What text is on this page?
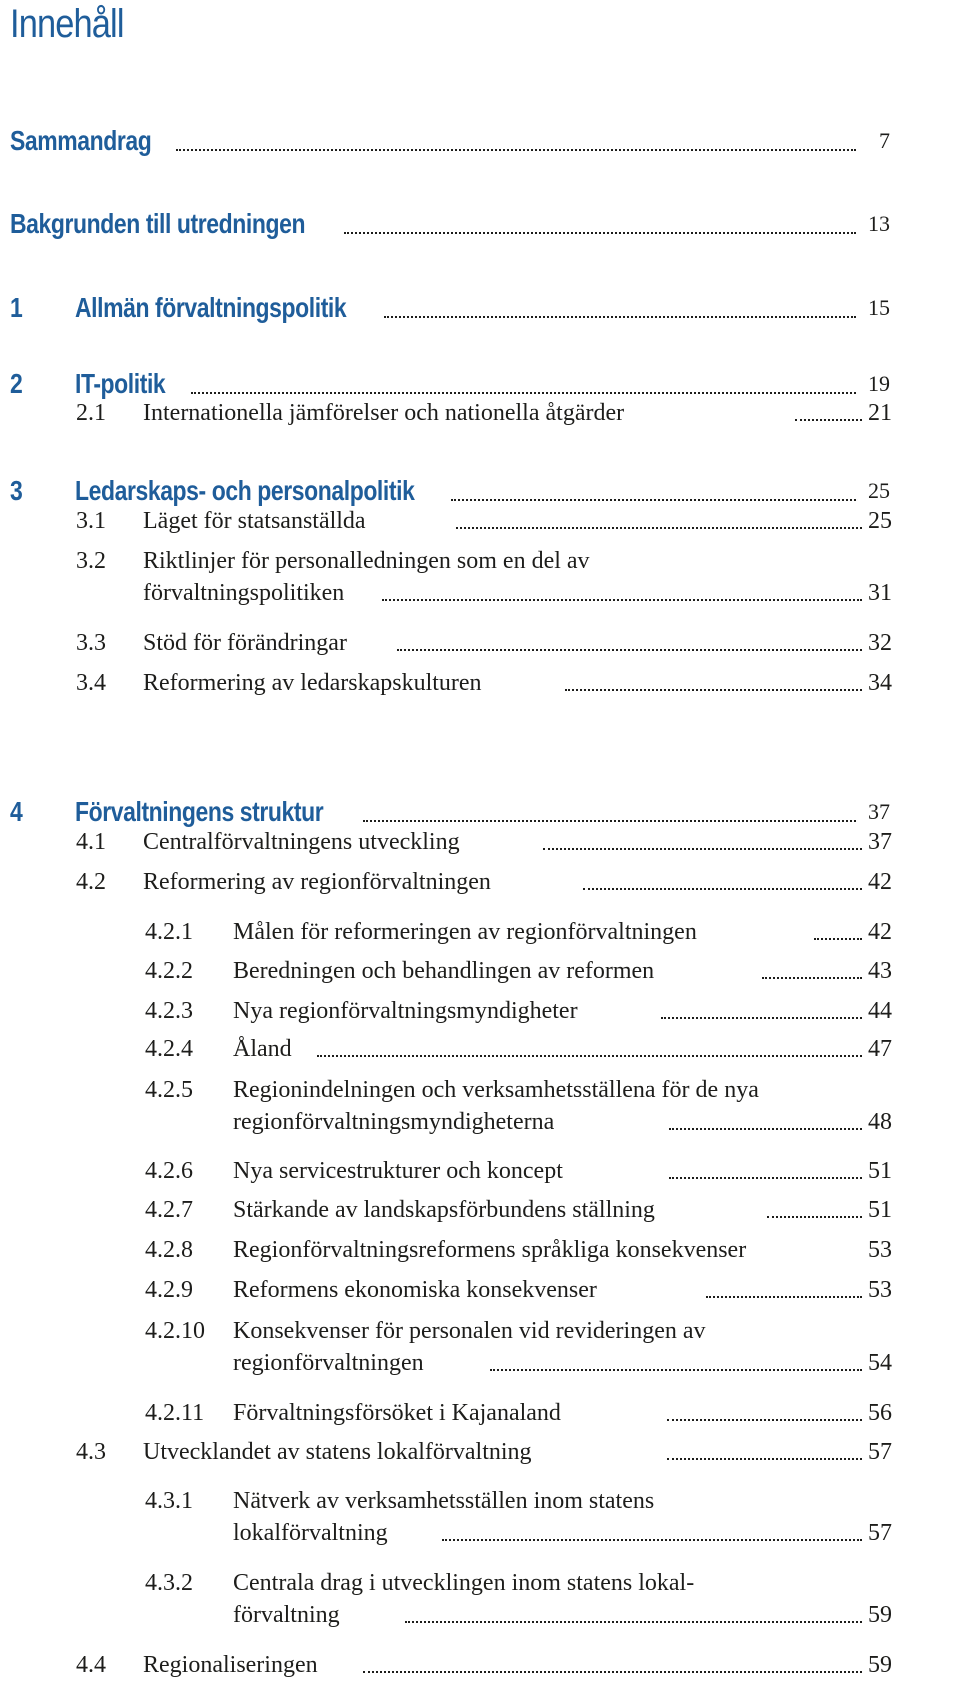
Innehåll
Sammandrag	7
Bakgrunden till utredningen	13
1 Allmän förvaltningspolitik	15
2 IT-politik	19
2.1 Internationella jämförelser och nationella åtgärder	21
3 Ledarskaps- och personalpolitik	25
3.1 Läget för statsanställda	25
3.2 Riktlinjer för personalledningen som en del av
förvaltningspolitiken	31
3.3 Stöd för förändringar	32
3.4 Reformering av ledarskapskulturen	34
4 Förvaltningens struktur	37
4.1 Centralförvaltningens utveckling	37
4.2 Reformering av regionförvaltningen	42
4.2.1 Målen för reformeringen av regionförvaltningen	42
4.2.2 Beredningen och behandlingen av reformen	43
4.2.3 Nya regionförvaltningsmyndigheter	44
4.2.4 Åland	47
4.2.5 Regionindelningen och verksamhetsställena för de nya
regionförvaltningsmyndigheterna	48
4.2.6 Nya servicestrukturer och koncept	51
4.2.7 Stärkande av landskapsförbundens ställning	51
4.2.8 Regionförvaltningsreformens språkliga konsekvenser	53
4.2.9 Reformens ekonomiska konsekvenser	53
4.2.10 Konsekvenser för personalen vid revideringen av
regionförvaltningen	54
4.2.11 Förvaltningsförsöket i Kajanaland	56
4.3 Utvecklandet av statens lokalförvaltning	57
4.3.1 Nätverk av verksamhetsställen inom statens
lokalförvaltning	57
4.3.2 Centrala drag i utvecklingen inom statens lokal-
förvaltning	59
4.4 Regionaliseringen	59
